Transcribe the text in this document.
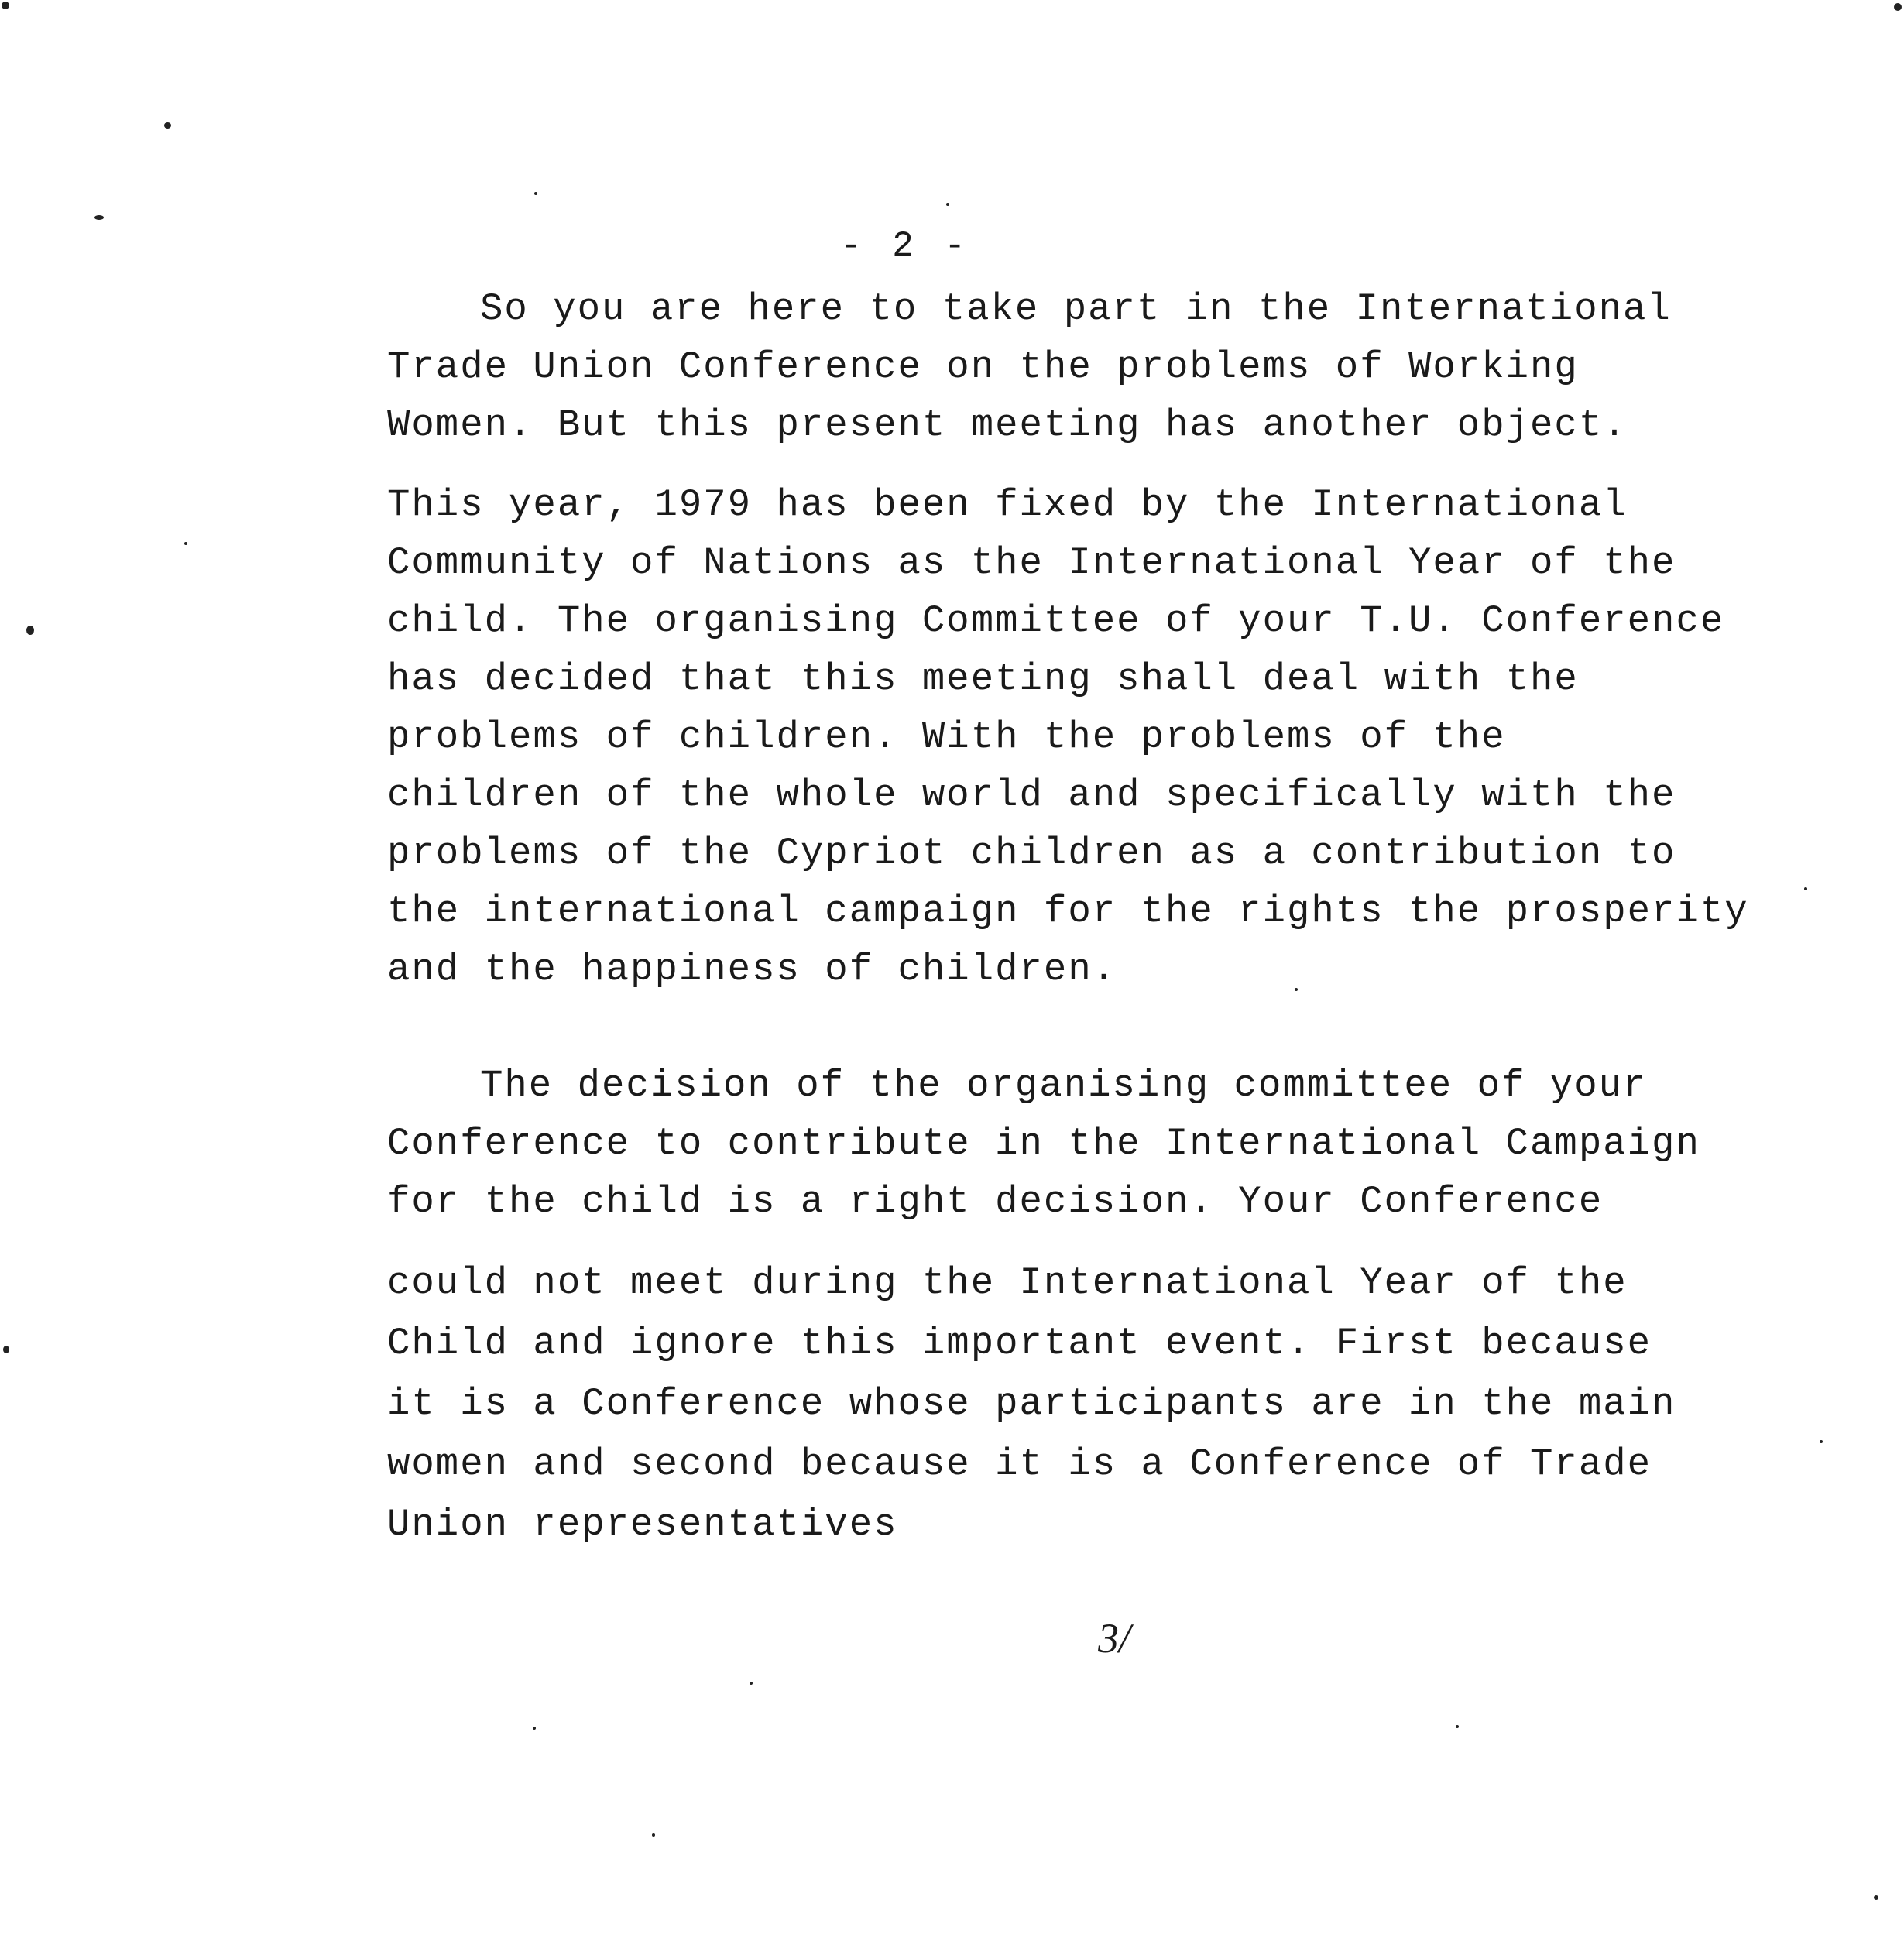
- 2 -
So you are here to take part in the International
Trade Union Conference on the problems of Working
Women. But this present meeting has another object.
This year, 1979 has been fixed by the International
Community of Nations as the International Year of the
child. The organising Committee of your T.U. Conference
has decided that this meeting shall deal with the
problems of children. With the problems of the
children of the whole world and specifically with the
problems of the Cypriot children as a contribution to
the international campaign for the rights the prosperity
and the happiness of children.
The decision of the organising committee of your
Conference to contribute in the International Campaign
for the child is a right decision. Your Conference
could not meet during the International Year of the
Child and ignore this important event. First because
it is a Conference whose participants are in the main
women and second because it is a Conference of Trade
Union representatives
3/
